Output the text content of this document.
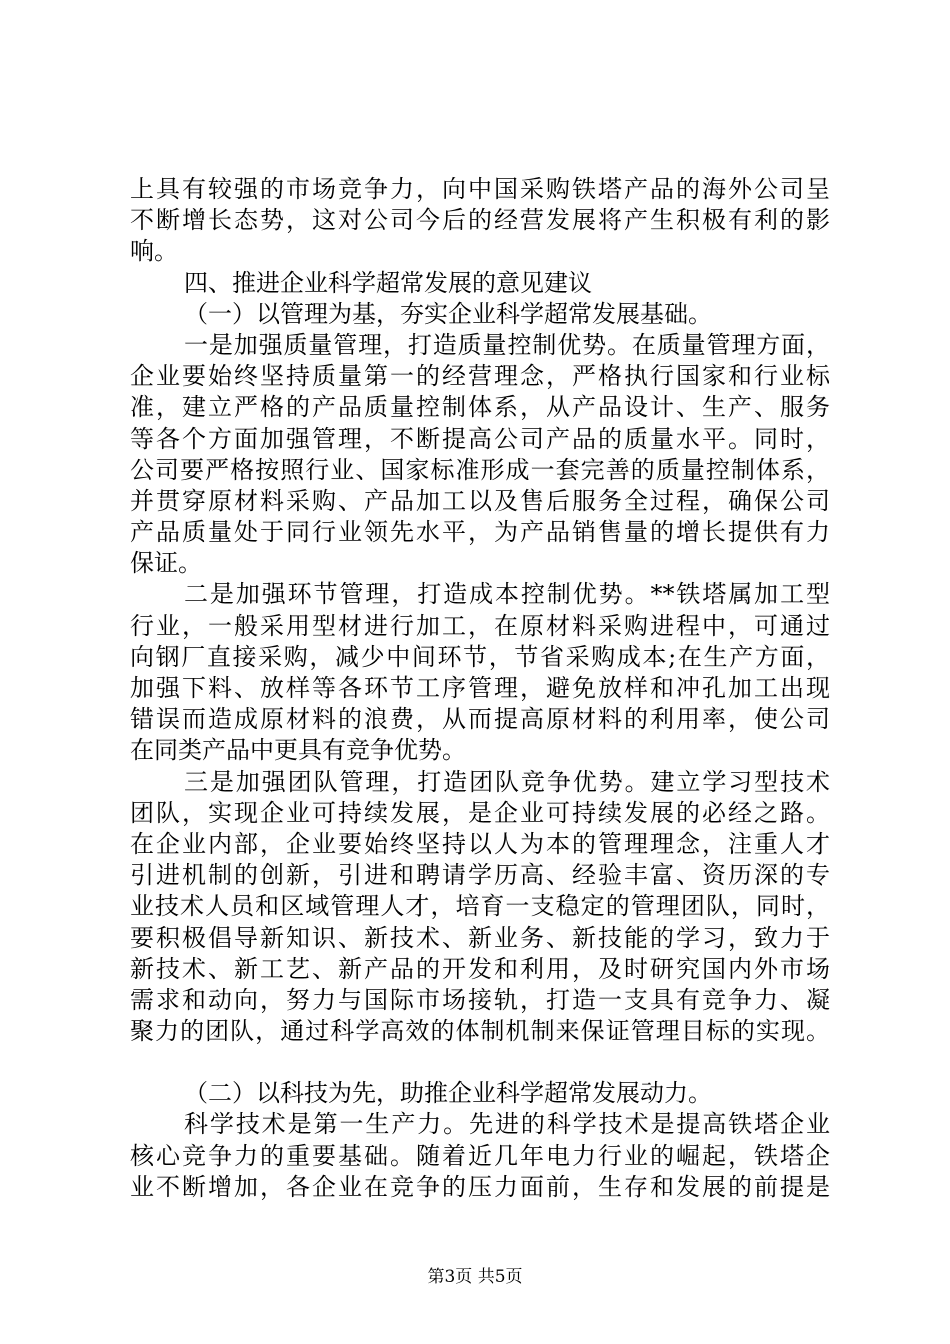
上具有较强的市场竞争力，向中国采购铁塔产品的海外公司呈
不断增长态势，这对公司今后的经营发展将产生积极有利的影
响。
四、推进企业科学超常发展的意见建议
（一）以管理为基，夯实企业科学超常发展基础。
一是加强质量管理，打造质量控制优势。在质量管理方面，
企业要始终坚持质量第一的经营理念，严格执行国家和行业标
准，建立严格的产品质量控制体系，从产品设计、生产、服务
等各个方面加强管理，不断提高公司产品的质量水平。同时，
公司要严格按照行业、国家标准形成一套完善的质量控制体系，
并贯穿原材料采购、产品加工以及售后服务全过程，确保公司
产品质量处于同行业领先水平，为产品销售量的增长提供有力
保证。
二是加强环节管理，打造成本控制优势。**铁塔属加工型
行业，一般采用型材进行加工，在原材料采购进程中，可通过
向钢厂直接采购，减少中间环节，节省采购成本;在生产方面，
加强下料、放样等各环节工序管理，避免放样和冲孔加工出现
错误而造成原材料的浪费，从而提高原材料的利用率，使公司
在同类产品中更具有竞争优势。
三是加强团队管理，打造团队竞争优势。建立学习型技术
团队，实现企业可持续发展，是企业可持续发展的必经之路。
在企业内部，企业要始终坚持以人为本的管理理念，注重人才
引进机制的创新，引进和聘请学历高、经验丰富、资历深的专
业技术人员和区域管理人才，培育一支稳定的管理团队，同时，
要积极倡导新知识、新技术、新业务、新技能的学习，致力于
新技术、新工艺、新产品的开发和利用，及时研究国内外市场
需求和动向，努力与国际市场接轨，打造一支具有竞争力、凝
聚力的团队，通过科学高效的体制机制来保证管理目标的实现。
（二）以科技为先，助推企业科学超常发展动力。
科学技术是第一生产力。先进的科学技术是提高铁塔企业
核心竞争力的重要基础。随着近几年电力行业的崛起，铁塔企
业不断增加，各企业在竞争的压力面前，生存和发展的前提是
第3页 共5页
